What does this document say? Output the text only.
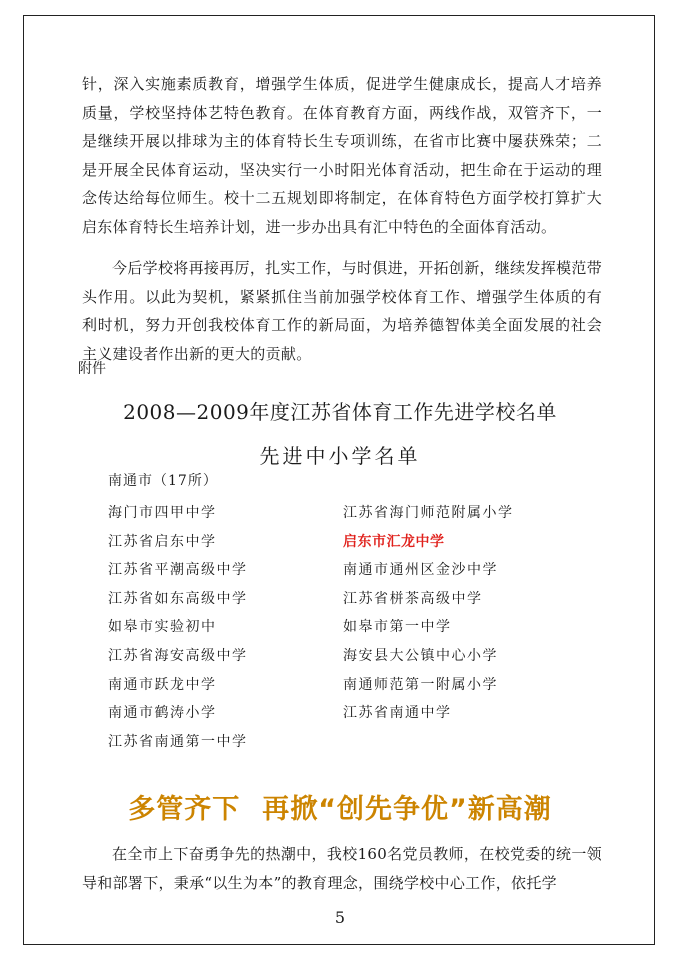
针，深入实施素质教育，增强学生体质，促进学生健康成长，提高人才培养质量，学校坚持体艺特色教育。在体育教育方面，两线作战，双管齐下，一是继续开展以排球为主的体育特长生专项训练，在省市比赛中屡获殊荣；二是开展全民体育运动，坚决实行一小时阳光体育活动，把生命在于运动的理念传达给每位师生。校十二五规划即将制定，在体育特色方面学校打算扩大启东体育特长生培养计划，进一步办出具有汇中特色的全面体育活动。

今后学校将再接再厉，扎实工作，与时俱进，开拓创新，继续发挥模范带头作用。以此为契机，紧紧抓住当前加强学校体育工作、增强学生体质的有利时机，努力开创我校体育工作的新局面，为培养德智体美全面发展的社会主义建设者作出新的更大的贡献。

附件
2008—2009年度江苏省体育工作先进学校名单
先进中小学名单
南通市（17所）
海门市四甲中学
江苏省启东中学
江苏省平潮高级中学
江苏省如东高级中学
如皋市实验初中
江苏省海安高级中学
南通市跃龙中学
南通市鹤涛小学
江苏省南通第一中学
江苏省海门师范附属小学
启东市汇龙中学
南通市通州区金沙中学
江苏省栟茶高级中学
如皋市第一中学
海安县大公镇中心小学
南通师范第一附属小学
江苏省南通中学
多管齐下 再掀“创先争优”新高潮

在全市上下奋勇争先的热潮中，我校160名党员教师，在校党委的统一领导和部署下，秉承“以生为本”的教育理念，围绕学校中心工作，依托学

5
